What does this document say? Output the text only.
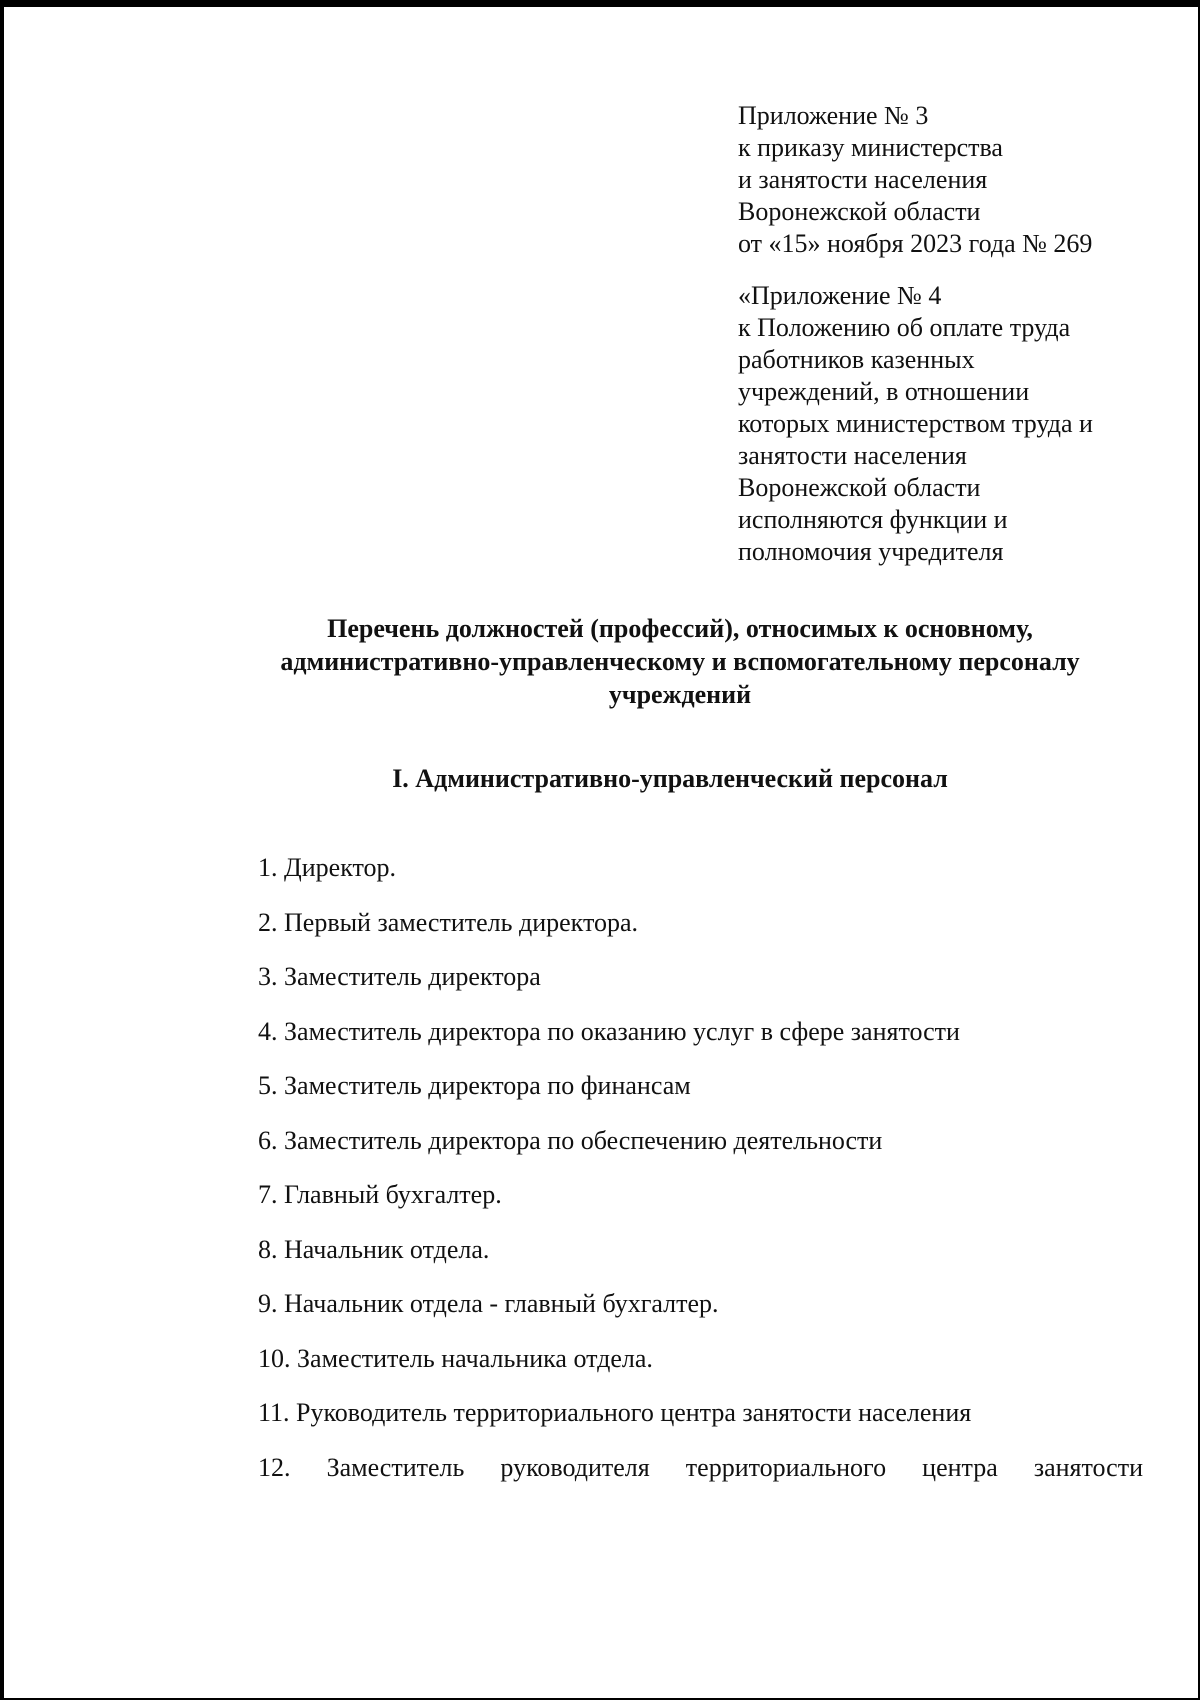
Приложение № 3
к приказу министерства
и занятости населения
Воронежской области
от «15» ноября 2023 года № 269
«Приложение № 4
к Положению об оплате труда
работников казенных
учреждений, в отношении
которых министерством труда и
занятости населения
Воронежской области
исполняются функции и
полномочия учредителя
Перечень должностей (профессий), относимых к основному,
административно-управленческому и вспомогательному персоналу
учреждений
I. Административно-управленческий персонал
1. Директор.
2. Первый заместитель директора.
3. Заместитель директора
4. Заместитель директора по оказанию услуг в сфере занятости
5. Заместитель директора по финансам
6. Заместитель директора по обеспечению деятельности
7. Главный бухгалтер.
8. Начальник отдела.
9. Начальник отдела - главный бухгалтер.
10. Заместитель начальника отдела.
11. Руководитель территориального центра занятости населения
12. Заместитель руководителя территориального центра занятости
